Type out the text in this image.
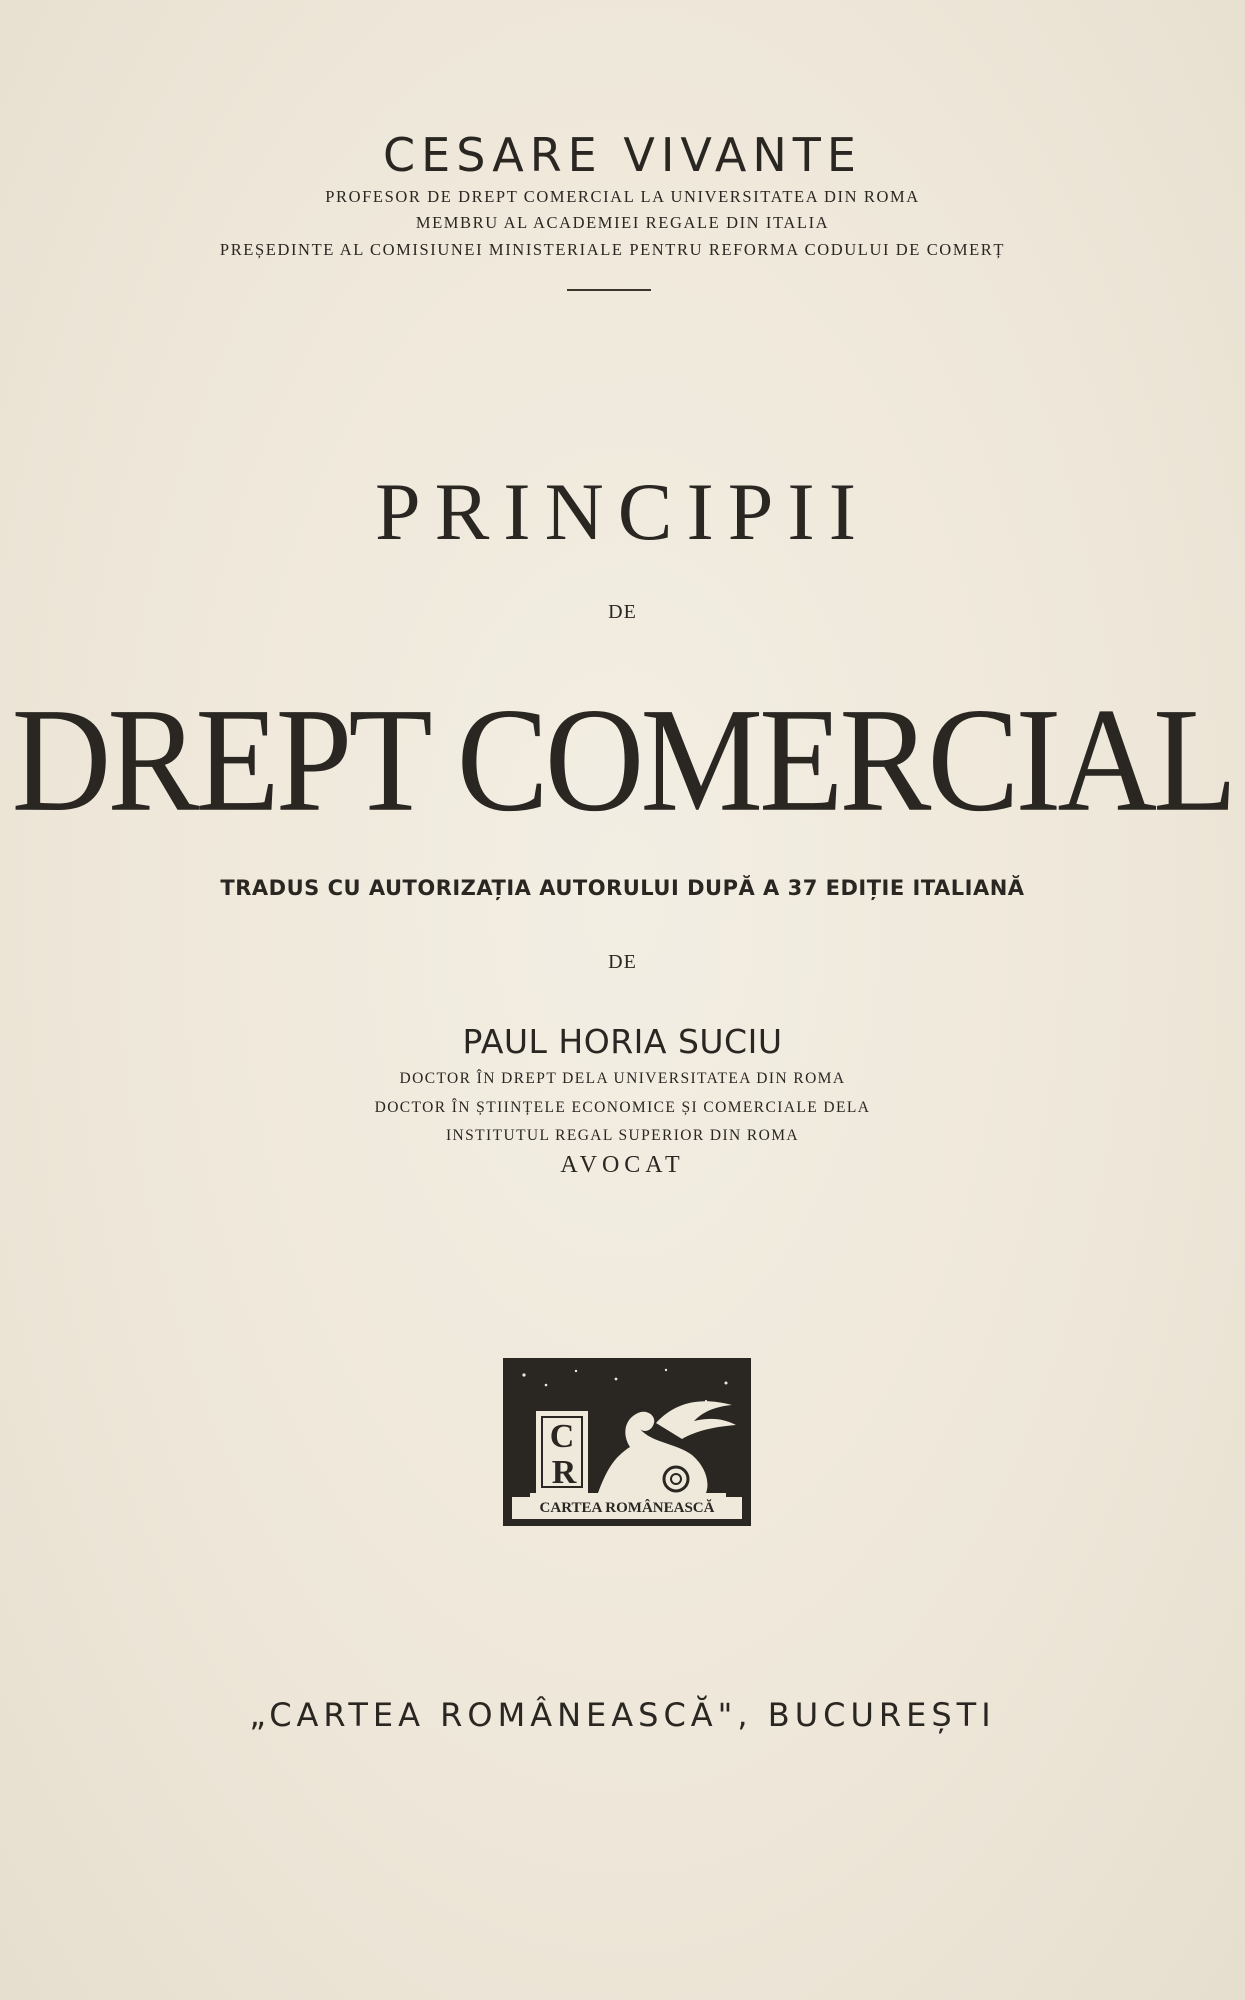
CESARE VIVANTE
PROFESOR DE DREPT COMERCIAL LA UNIVERSITATEA DIN ROMA
MEMBRU AL ACADEMIEI REGALE DIN ITALIA
PREȘEDINTE AL COMISIUNEI MINISTERIALE PENTRU REFORMA CODULUI DE COMERȚ
PRINCIPII
DE
DREPT COMERCIAL
TRADUS CU AUTORIZAȚIA AUTORULUI DUPĂ A 37 EDIȚIE ITALIANĂ
DE
PAUL HORIA SUCIU
DOCTOR ÎN DREPT DELA UNIVERSITATEA DIN ROMA
DOCTOR ÎN ȘTIINȚELE ECONOMICE ȘI COMERCIALE DELA
INSTITUTUL REGAL SUPERIOR DIN ROMA
AVOCAT
C
R
CARTEA ROMÂNEASCĂ
„CARTEA ROMÂNEASCĂ", BUCUREȘTI
